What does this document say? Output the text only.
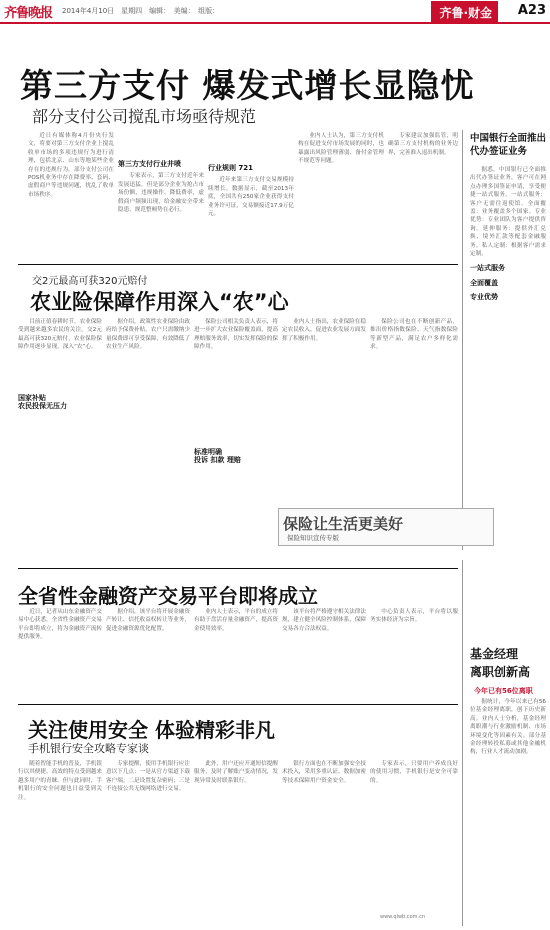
齐鲁晚报	2014年4月10日　星期四　编辑：　美编：　组版：	齐鲁·财金	A23
第三方支付 爆发式增长显隐忧
部分支付公司搅乱市场亟待规范

近日有媒体称4月份央行发文，将要对第三方支付企业上搅乱收单市场的多项违规行为进行清理，包括北京、山东等地某些企业存在的违规行为。部分支付公司在POS机业务中存在降费率、套码、虚假商户等违规问题，扰乱了收单市场秩序。

第三方支付行业井喷

专家表示，第三方支付近年来发展迅猛，但是部分企业为抢占市场份额，违规操作、降低费率，虚假商户频频出现，给金融安全带来隐患，规范整顿势在必行。

行业规则 721

近年来第三方支付交易规模持续增长。数据显示，截至2013年底，全国共有250家企业获得支付业务许可证，交易额接近17.9万亿元。

业内人士认为，第三方支付机构在促进支付市场发展的同时，也暴露出风险管理薄弱、备付金管理不规范等问题。

专家建议加强监管，明确第三方支付机构的业务边界，完善准入退出机制。

中国银行全面推出代办签证业务

据悉，中国银行已全面推出代办签证业务，客户可在网点办理多国签证申请，享受便捷一站式服务。一站式服务：客户无需往返使馆。全面覆盖：业务覆盖多个国家。专业优势：专业团队为客户提供咨询。延伸服务：提供外汇兑换、境外汇款等配套金融服务。私人定制：根据客户需求定制。

一站式服务
全面覆盖
专业优势
交2元最高可获320元赔付
农业险保障作用深入“农”心

目前正值春耕时节，农业保险受到越来越多农民的关注。交2元最高可获320元赔付，农业保险保障作用逐步显现，深入“农”心。

国家补贴
农民投保无压力

据介绍，政策性农业保险由政府给予保费补贴，农户只需缴纳少量保费即可享受保障，有效降低了农业生产风险。

保险公司相关负责人表示，将进一步扩大农业保险覆盖面，提高理赔服务效率，切实发挥保险的保障作用。

标准明确
投诉 扣款 理赔

业内人士指出，农业保险在稳定农民收入、促进农业发展方面发挥了积极作用。

保险公司也在不断创新产品，推出价格指数保险、天气指数保险等新型产品，满足农户多样化需求。

保险让生活更美好
保险知识宣传专版
全省性金融资产交易平台即将成立

近日，记者从山东金融资产交易中心获悉，全省性金融资产交易平台即将成立，将为金融资产流转提供服务。

据介绍，该平台将开展金融资产转让、信托收益权转让等业务，促进金融资源优化配置。

业内人士表示，平台的成立将有助于盘活存量金融资产，提高资金使用效率。

该平台将严格遵守相关法律法规，建立健全风险控制体系，保障交易各方合法权益。

中心负责人表示，平台将以服务实体经济为宗旨。

基金经理
离职创新高
今年已有56位离职

据统计，今年以来已有56位基金经理离职，创下历史新高。业内人士分析，基金经理离职潮与行业激励机制、市场环境变化等因素有关。部分基金经理转投私募或其他金融机构，行业人才流动加剧。

关注使用安全 体验精彩非凡
手机银行安全攻略专家谈

随着智能手机的普及，手机银行以其便捷、高效的特点受到越来越多用户的青睐。但与此同时，手机银行的安全问题也日益受到关注。

专家提醒，使用手机银行应注意以下几点：一是从官方渠道下载客户端；二是设置复杂密码；三是不连接公共无线网络进行交易。

此外，用户还应开通短信提醒服务，及时了解账户变动情况，发现异常及时联系银行。

银行方面也在不断加强安全技术投入，采用多重认证、数据加密等技术保障用户资金安全。

专家表示，只要用户养成良好的使用习惯，手机银行是安全可靠的。

www.qlwb.com.cn
